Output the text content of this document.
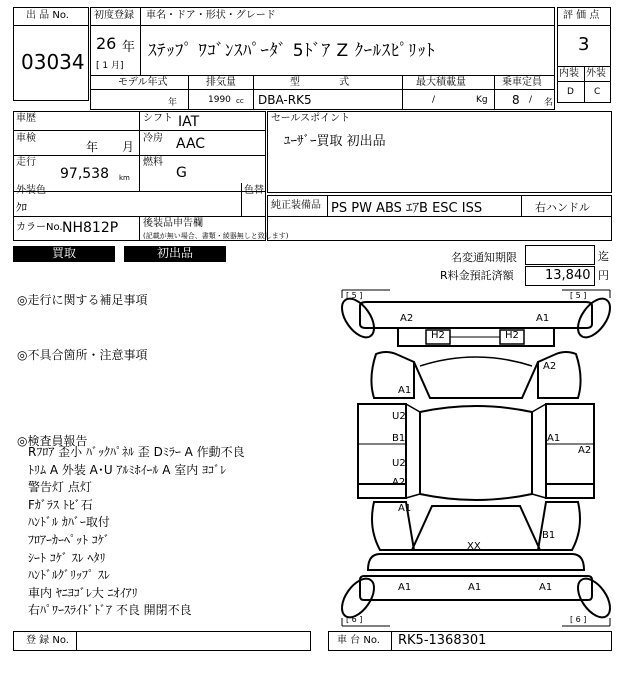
出 品 No.
03034
初度登録 車名・ドア・形状・グレード
26 年
[ 1 月]
ｽﾃｯﾌﾟ ﾜｺﾞﾝｽﾊﾟｰﾀﾞ 5ﾄﾞｱ Z ｸｰﾙｽﾋﾟﾘｯﾄ
モデル年式	排気量	型 式	最大積載量	乗車定員
年	1990 cc DBA-RK5	/	Kg 8 / 名
評 価 点
3
内装 外装
D C
車歴
車検
年 月
走行
97,538 km
シフト IAT
冷房 AAC
燃料
G
外装色
ｸﾛ
色替
カラーNo. NH812P 後装品申告欄
(記載が無い場合、書類・綾器無しと致します)
セールスポイント
ﾕｰｻﾞｰ買取 初出品
純正装備品 PS PW ABS ｴｱB ESC ISS	右ハンドル
買取	初出品	名変通知期限	迄
R料金預託済額 13,840 円
◎走行に関する補足事項
◎不具合箇所・注意事項
◎検査員報告
Rﾌﾛｱ 歪小 ﾊﾞｯｸﾊﾟﾈﾙ 歪 Dﾐﾗｰ A 作動不良
ﾄﾘﾑ A 外装 A･U ｱﾙﾐﾎｲｰﾙ A 室内 ﾖｺﾞﾚ
警告灯 点灯
Fｶﾞﾗｽ ﾄﾋﾞ石
ﾊﾝﾄﾞﾙ ｶﾊﾞｰ取付
ﾌﾛｱｰｶｰﾍﾟｯﾄ ｺｹﾞ
ｼｰﾄ ｺｹﾞ ｽﾚ ﾍﾀﾘ
ﾊﾝﾄﾞﾙｸﾞﾘｯﾌﾟ ｽﾚ
車内 ﾔﾆﾖｺﾞﾚ大 ﾆｵｲｱﾘ
右ﾊﾟﾜｰｽﾗｲﾄﾞﾄﾞｱ 不良 開閉不良
[ 5 ]	[ 5 ]
[ 6 ]	[ 6 ]
A2	A1
H2	H2
A1
A2
U2
B1
U2
A2
A1
A2
A1
B1
XX
A1	A1	A1
登 録 No.	車 台 No. RK5-1368301
